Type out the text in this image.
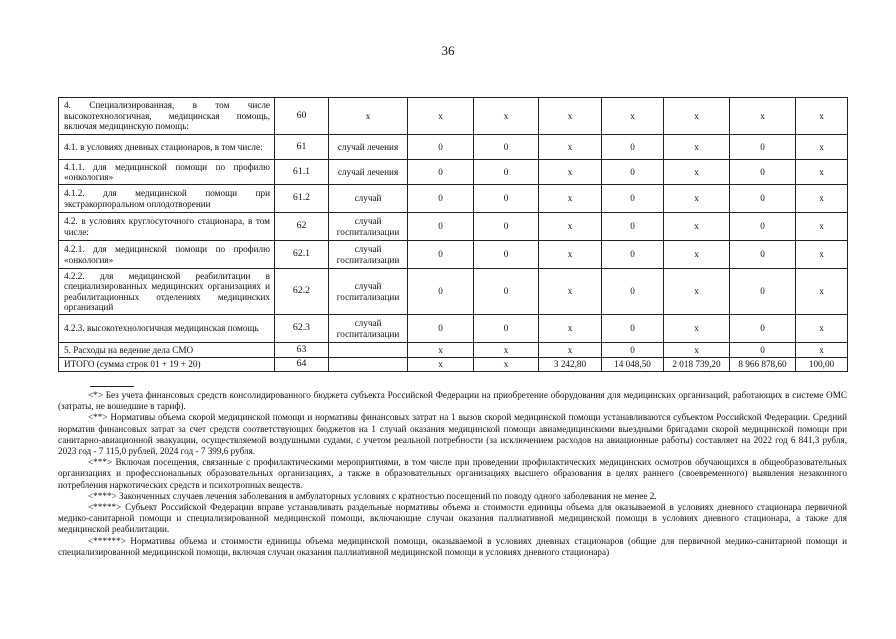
36
4. Специализированная, в том числе высокотехнологичная, медицинская помощь, включая медицинскую помощь:	60	x	x	x	x	x	x	x	x
4.1. в условиях дневных стационаров, в том числе:	61	случай лечения	0	0	x	0	x	0	x
4.1.1. для медицинской помощи по профилю «онкология»	61.1	случай лечения	0	0	x	0	x	0	x
4.1.2. для медицинской помощи при экстракорпоральном оплодотворении	61.2	случай	0	0	x	0	x	0	x
4.2. в условиях круглосуточного стационара, в том числе:	62	случай госпитализации	0	0	x	0	x	0	x
4.2.1. для медицинской помощи по профилю «онкология»	62.1	случай госпитализации	0	0	x	0	x	0	x
4.2.2. для медицинской реабилитации в специализированных медицинских организациях и реабилитационных отделениях медицинских организаций	62.2	случай госпитализации	0	0	x	0	x	0	x
4.2.3. высокотехнологичная медицинская помощь	62.3	случай госпитализации	0	0	x	0	x	0	x
5. Расходы на ведение дела СМО	63		x	x	x	0	x	0	x
ИТОГО (сумма строк 01 + 19 + 20)	64		x	x	3 242,80	14 048,50	2 018 739,20	8 966 878,60	100,00

<*> Без учета финансовых средств консолидированного бюджета субъекта Российской Федерации на приобретение оборудования для медицинских организаций, работающих в системе ОМС (затраты, не вошедшие в тариф).

<**> Нормативы объема скорой медицинской помощи и нормативы финансовых затрат на 1 вызов скорой медицинской помощи устанавливаются субъектом Российской Федерации. Средний норматив финансовых затрат за счет средств соответствующих бюджетов на 1 случай оказания медицинской помощи авиамедицинскими выездными бригадами скорой медицинской помощи при санитарно-авиационной эвакуации, осуществляемой воздушными судами, с учетом реальной потребности (за исключением расходов на авиационные работы) составляет на 2022 год 6 841,3 рубля, 2023 год - 7 115,0 рублей, 2024 год - 7 399,6 рубля.

<***> Включая посещения, связанные с профилактическими мероприятиями, в том числе при проведении профилактических медицинских осмотров обучающихся в общеобразовательных организациях и профессиональных образовательных организациях, а также в образовательных организациях высшего образования в целях раннего (своевременного) выявления незаконного потребления наркотических средств и психотропных веществ.

<****> Законченных случаев лечения заболевания в амбулаторных условиях с кратностью посещений по поводу одного заболевания не менее 2.

<*****> Субъект Российской Федерации вправе устанавливать раздельные нормативы объема и стоимости единицы объема для оказываемой в условиях дневного стационара первичной медико-санитарной помощи и специализированной медицинской помощи, включающие случаи оказания паллиативной медицинской помощи в условиях дневного стационара, а также для медицинской реабилитации.

<******> Нормативы объема и стоимости единицы объема медицинской помощи, оказываемой в условиях дневных стационаров (общие для первичной медико-санитарной помощи и специализированной медицинской помощи, включая случаи оказания паллиативной медицинской помощи в условиях дневного стационара)
